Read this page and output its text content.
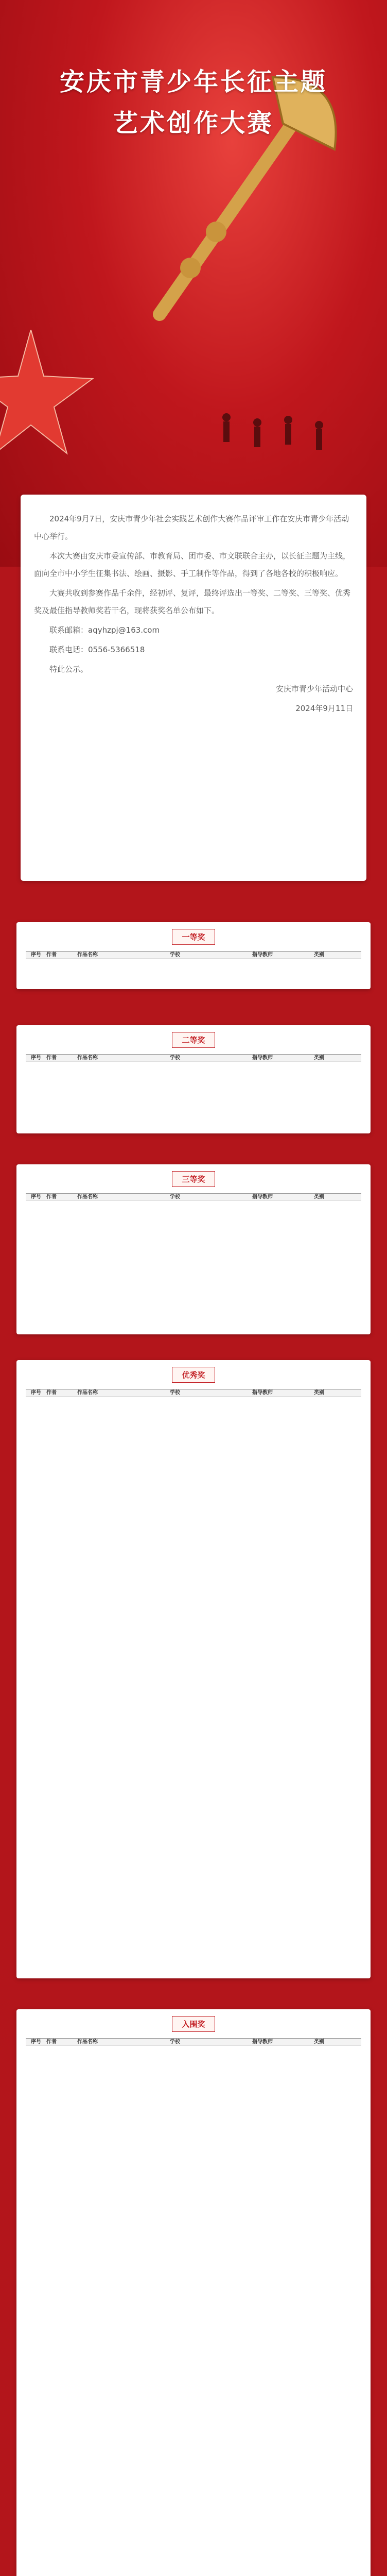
安庆市青少年长征主题
艺术创作大赛

2024年9月7日，安庆市青少年社会实践艺术创作大赛作品评审工作在安庆市青少年活动中心举行。

本次大赛由安庆市委宣传部、市教育局、团市委、市文联联合主办，以长征主题为主线，面向全市中小学生征集书法、绘画、摄影、手工制作等作品，得到了各地各校的积极响应。

大赛共收到参赛作品千余件，经初评、复评，最终评选出一等奖、二等奖、三等奖、优秀奖及最佳指导教师奖若干名，现将获奖名单公布如下。

联系邮箱：aqyhzpj@163.com

联系电话：0556-5366518

特此公示。

安庆市青少年活动中心

2024年9月11日

一等奖
序号	作者	作品名称	学校	指导教师	类别
二等奖
序号	作者	作品名称	学校	指导教师	类别
三等奖
序号	作者	作品名称	学校	指导教师	类别
优秀奖
序号	作者	作品名称	学校	指导教师	类别
入围奖
序号	作者	作品名称	学校	指导教师	类别
